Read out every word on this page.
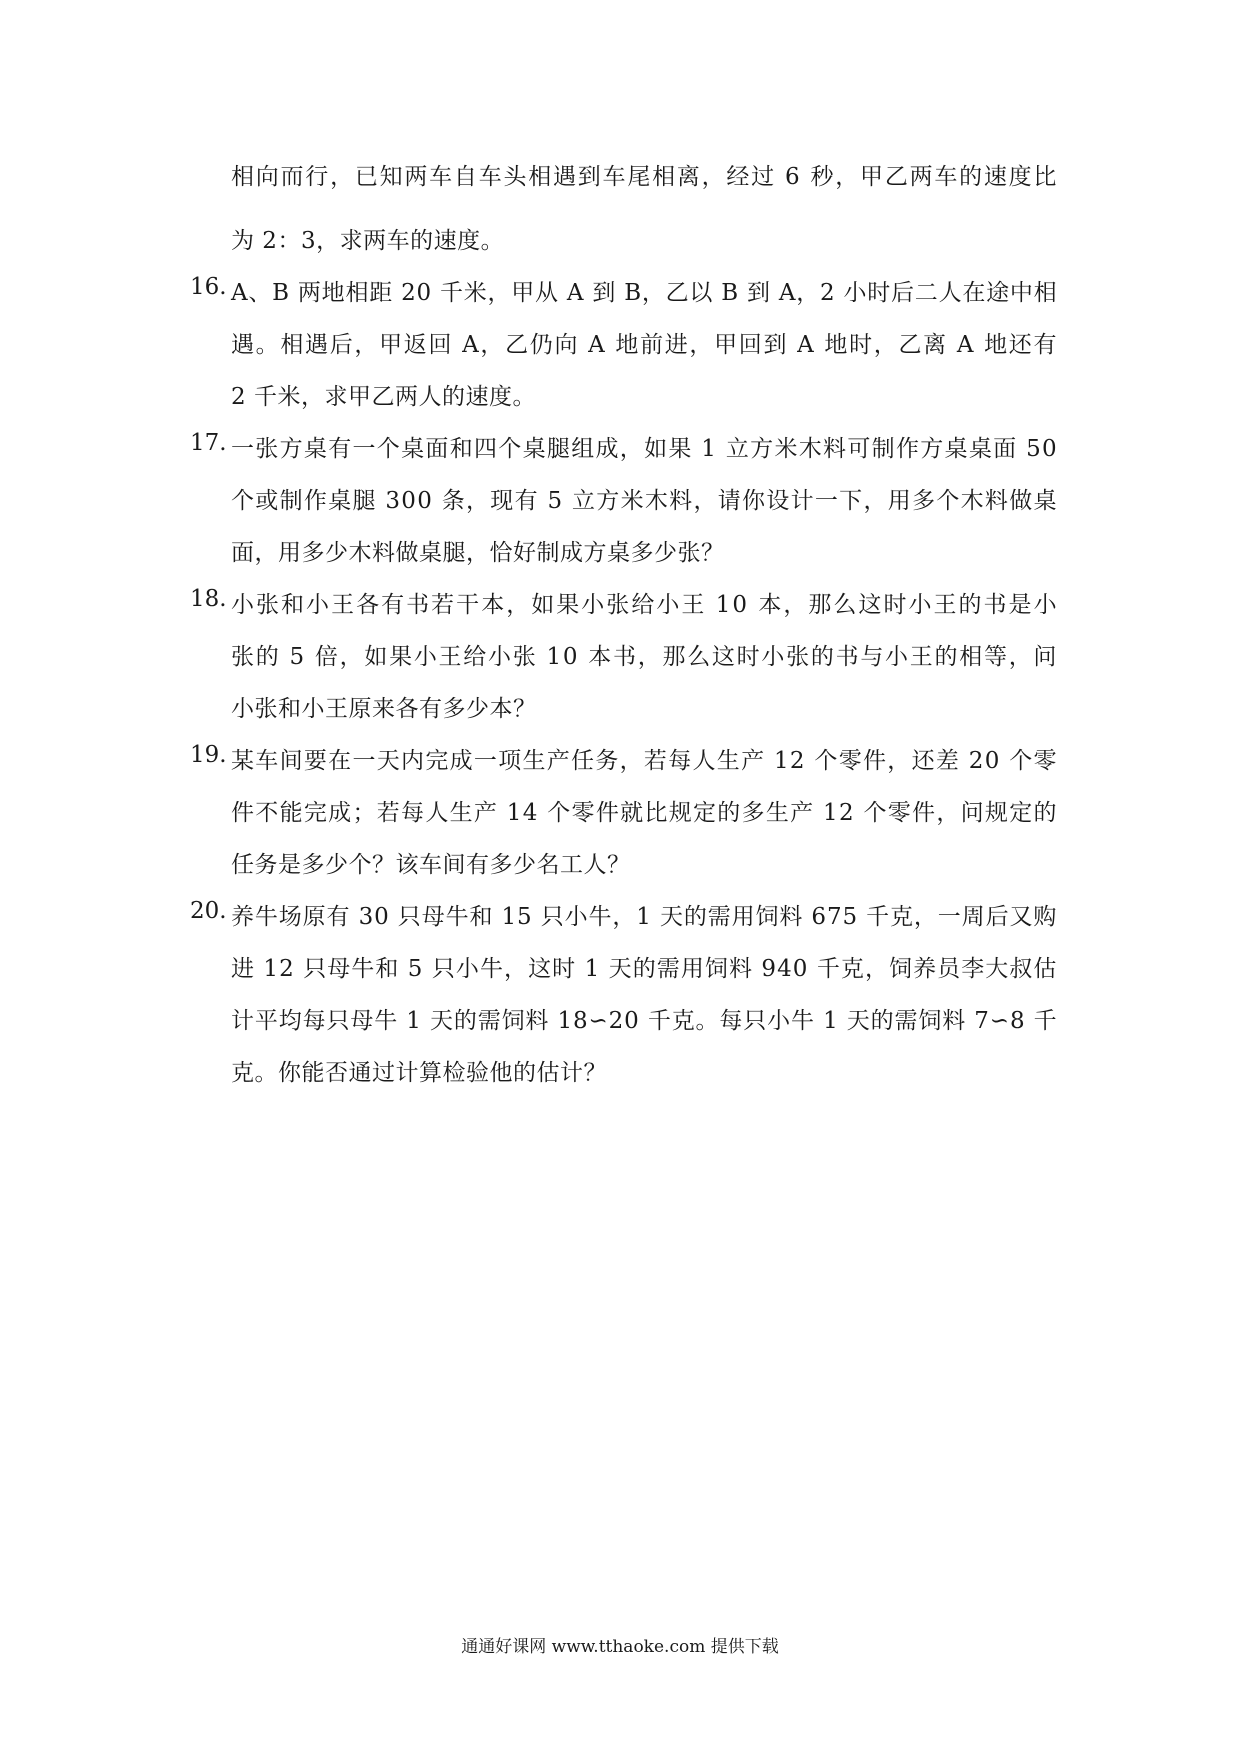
相向而行，已知两车自车头相遇到车尾相离，经过 6 秒，甲乙两车的速度比
为 2：3，求两车的速度。
16. A、B 两地相距 20 千米，甲从 A 到 B，乙以 B 到 A，2 小时后二人在途中相
遇。相遇后，甲返回 A，乙仍向 A 地前进，甲回到 A 地时，乙离 A 地还有
2 千米，求甲乙两人的速度。
17. 一张方桌有一个桌面和四个桌腿组成，如果 1 立方米木料可制作方桌桌面 50
个或制作桌腿 300 条，现有 5 立方米木料，请你设计一下，用多个木料做桌
面，用多少木料做桌腿，恰好制成方桌多少张？
18. 小张和小王各有书若干本，如果小张给小王 10 本，那么这时小王的书是小
张的 5 倍，如果小王给小张 10 本书，那么这时小张的书与小王的相等，问
小张和小王原来各有多少本？
19. 某车间要在一天内完成一项生产任务，若每人生产 12 个零件，还差 20 个零
件不能完成；若每人生产 14 个零件就比规定的多生产 12 个零件，问规定的
任务是多少个？该车间有多少名工人？
20. 养牛场原有 30 只母牛和 15 只小牛，1 天的需用饲料 675 千克，一周后又购
进 12 只母牛和 5 只小牛，这时 1 天的需用饲料 940 千克，饲养员李大叔估
计平均每只母牛 1 天的需饲料 18∽20 千克。每只小牛 1 天的需饲料 7∽8 千
克。你能否通过计算检验他的估计？
通通好课网 www.tthaoke.com 提供下载
